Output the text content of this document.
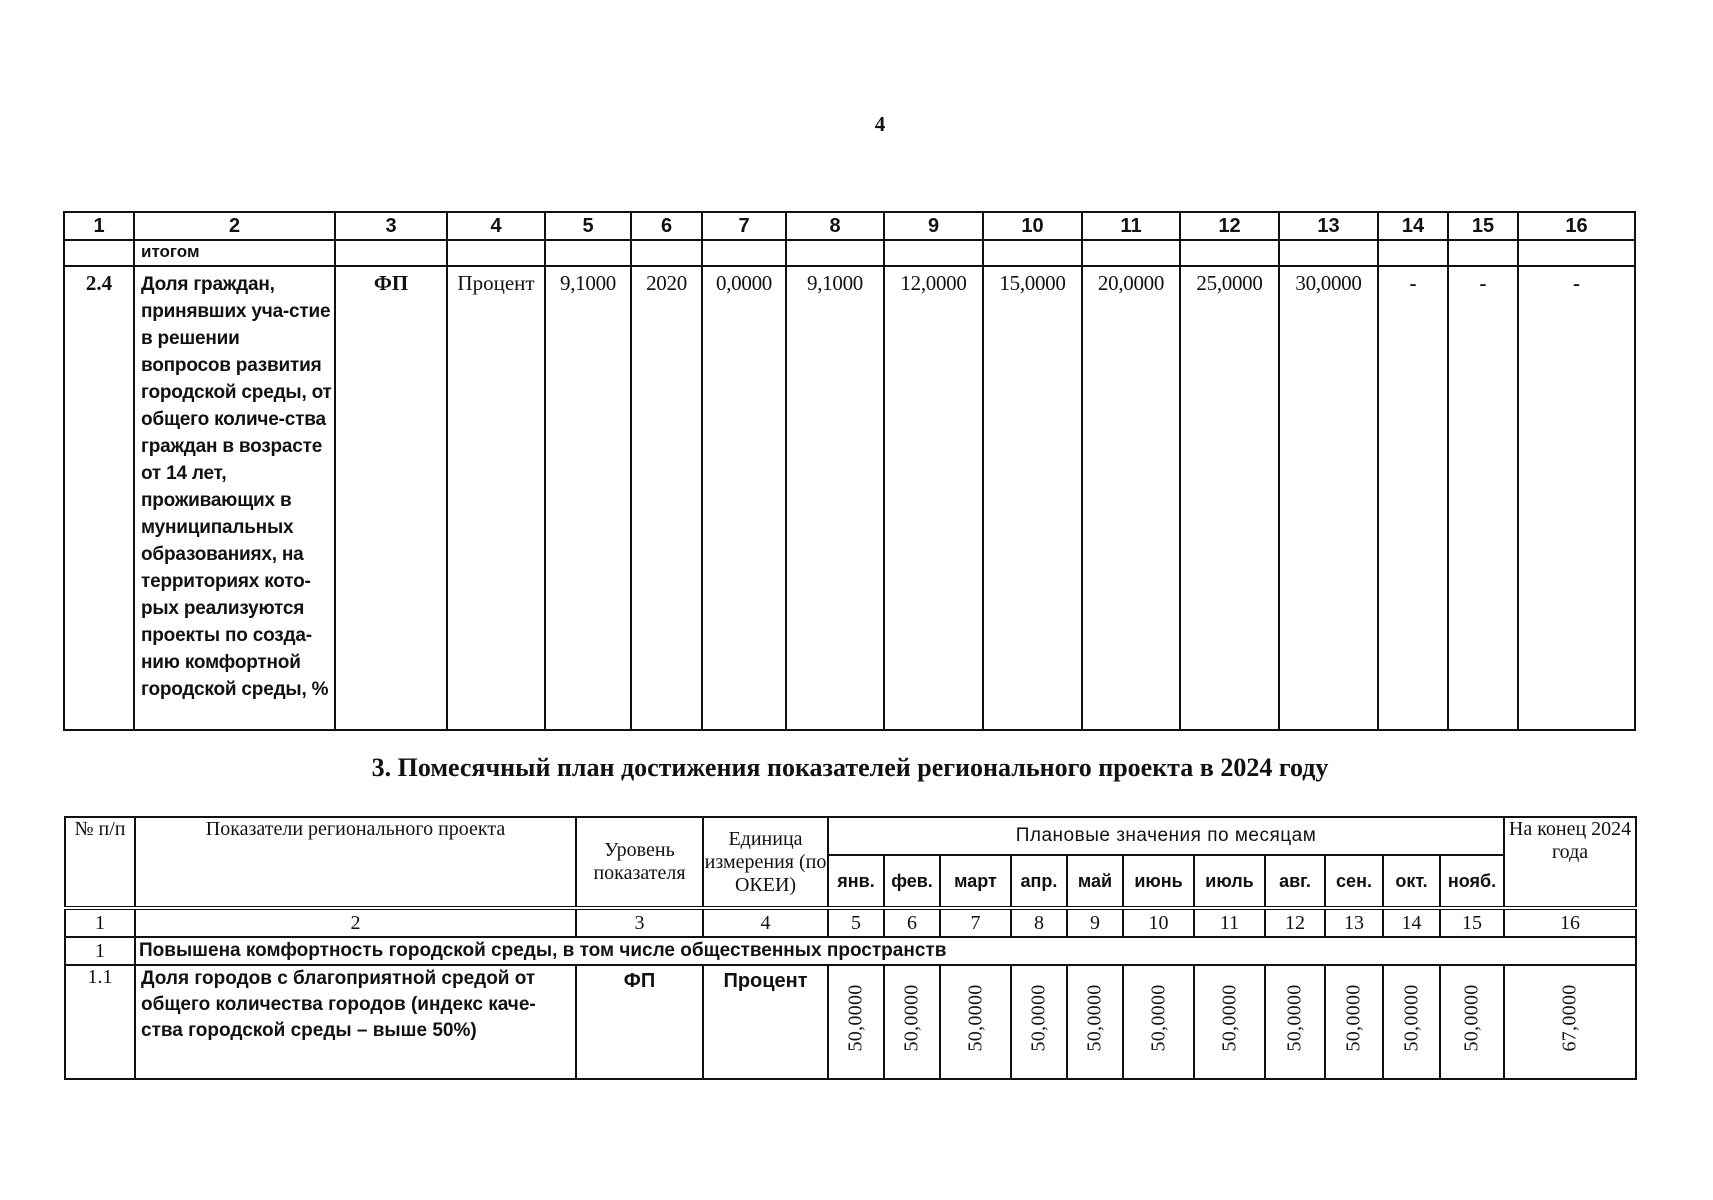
4
1	2	3	4	5	6	7	8	9	10	11	12	13	14	15	16
	итогом														
2.4	Доля граждан, принявших уча-стие в решении вопросов развития городской среды, от общего количе-ства граждан в возрасте от 14 лет, проживающих в муниципальных образованиях, на территориях кото-рых реализуются проекты по созда-нию комфортной городской среды, %	ФП	Процент	9,1000	2020	0,0000	9,1000	12,0000	15,0000	20,0000	25,0000	30,0000	-	-	-
3. Помесячный план достижения показателей регионального проекта в 2024 году
№ п/п	Показатели регионального проекта	Уровень показателя	Единица измерения (по ОКЕИ)	Плановые значения по месяцам											На конец 2024 года
				янв.	фев.	март	апр.	май	июнь	июль	авг.	сен.	окт.	нояб.	
1	2	3	4	5	6	7	8	9	10	11	12	13	14	15	16
1	Повышена комфортность городской среды, в том числе общественных пространств														
1.1	Доля городов с благоприятной средой от общего количества городов (индекс каче-ства городской среды – выше 50%)	ФП	Процент	50,0000	50,0000	50,0000	50,0000	50,0000	50,0000	50,0000	50,0000	50,0000	50,0000	50,0000	67,0000
